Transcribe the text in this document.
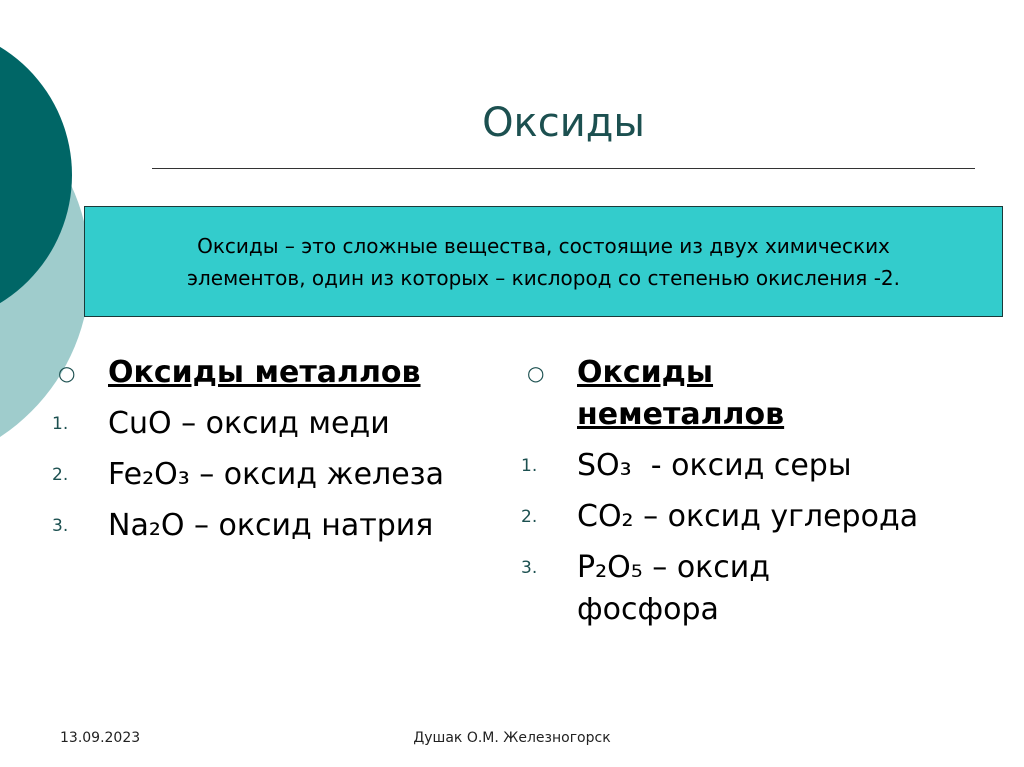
Оксиды
Оксиды – это сложные вещества, состоящие из двух химических
элементов, один из которых – кислород со степенью окисления -2.
○ Оксиды металлов
1. CuO – оксид меди
2. Fe₂O₃ – оксид железа
3. Na₂O – оксид натрия
○ Оксиды
неметаллов
1. SO₃  - оксид серы
2. CO₂ – оксид углерода
3. P₂O₅ – оксид
фосфора
13.09.2023	Душак О.М. Железногорск
